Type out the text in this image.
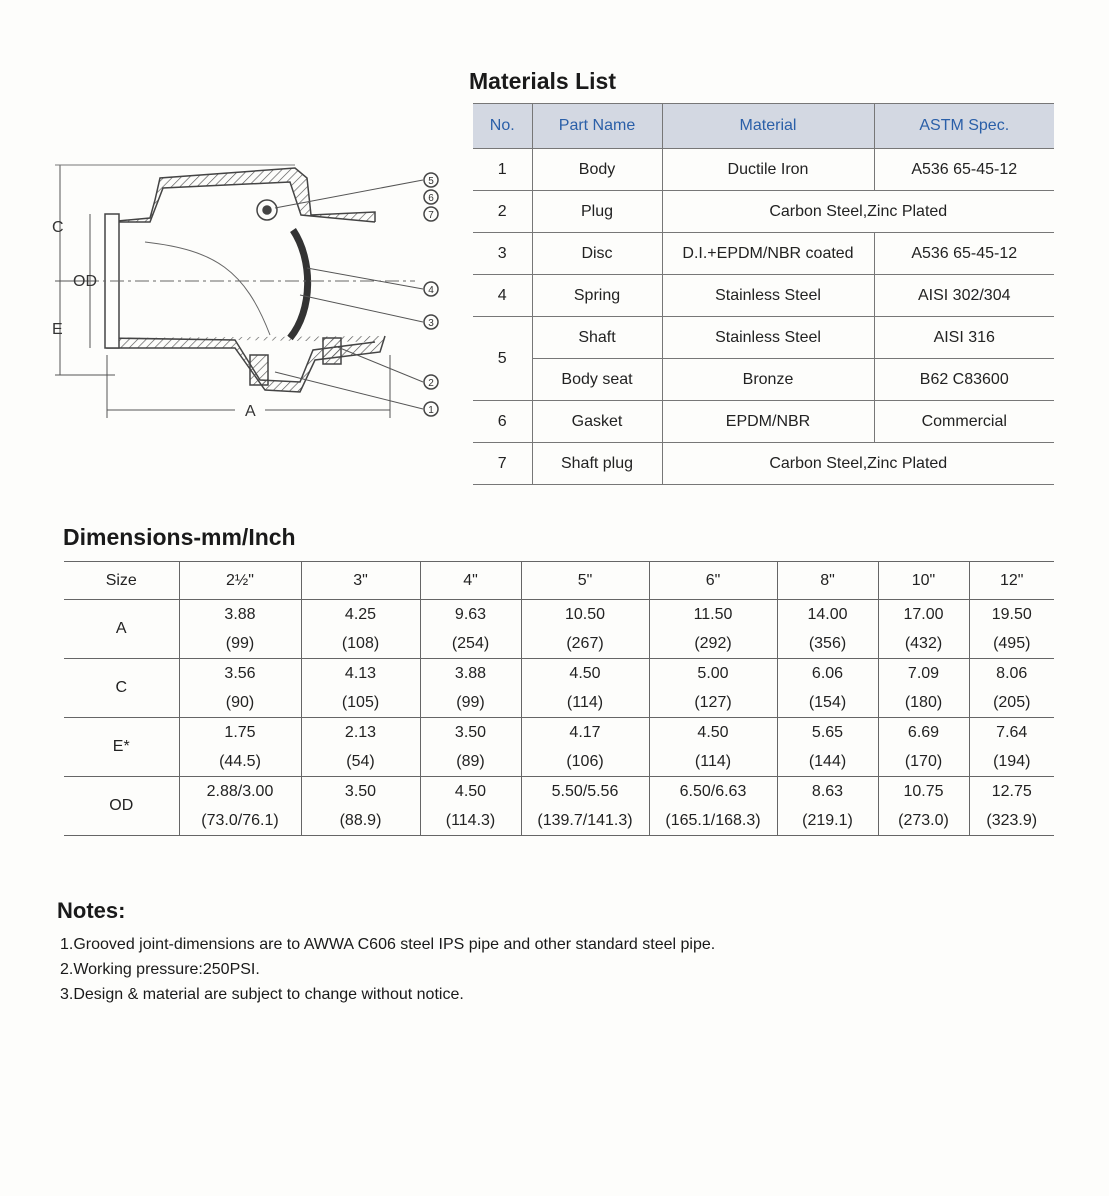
5
6
7
4
3
2
1
C
OD
E
A
Materials List
No.	Part Name	Material	ASTM Spec.
1	Body	Ductile Iron	A536 65-45-12
2	Plug	Carbon Steel,Zinc Plated	
3	Disc	D.I.+EPDM/NBR coated	A536 65-45-12
4	Spring	Stainless Steel	AISI 302/304
5	Shaft	Stainless Steel	AISI 316
	Body seat	Bronze	B62 C83600
6	Gasket	EPDM/NBR	Commercial
7	Shaft plug	Carbon Steel,Zinc Plated	
Dimensions-mm/Inch
Size	2½"	3"	4"	5"	6"	8"	10"	12"
A	3.88	4.25	9.63	10.50	11.50	14.00	17.00	19.50
	(99)	(108)	(254)	(267)	(292)	(356)	(432)	(495)
C	3.56	4.13	3.88	4.50	5.00	6.06	7.09	8.06
	(90)	(105)	(99)	(114)	(127)	(154)	(180)	(205)
E*	1.75	2.13	3.50	4.17	4.50	5.65	6.69	7.64
	(44.5)	(54)	(89)	(106)	(114)	(144)	(170)	(194)
OD	2.88/3.00	3.50	4.50	5.50/5.56	6.50/6.63	8.63	10.75	12.75
	(73.0/76.1)	(88.9)	(114.3)	(139.7/141.3)	(165.1/168.3)	(219.1)	(273.0)	(323.9)
Notes:
1.Grooved joint-dimensions are to AWWA C606 steel IPS pipe and other standard steel pipe.
2.Working pressure:250PSI.
3.Design & material are subject to change without notice.
